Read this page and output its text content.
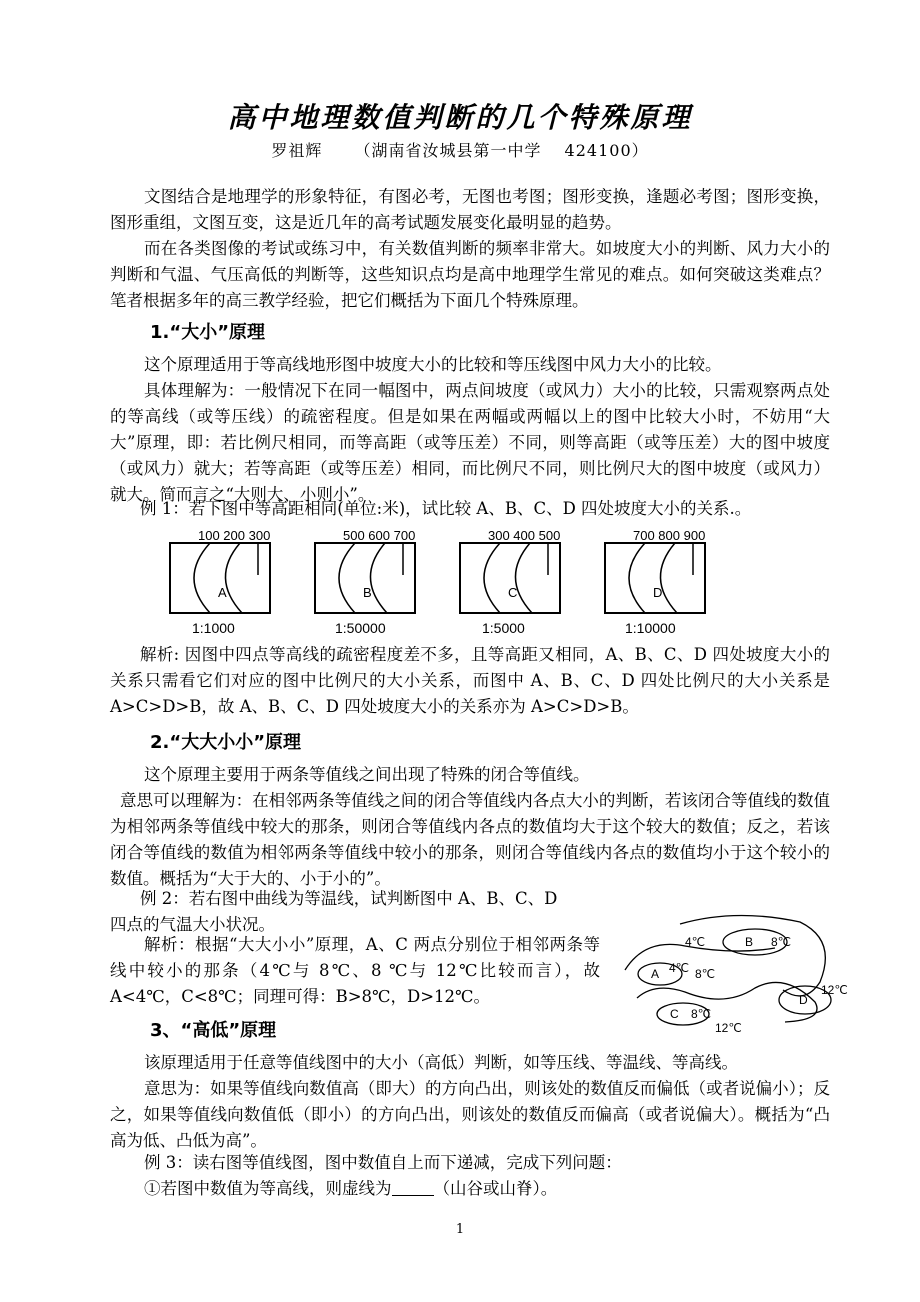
高中地理数值判断的几个特殊原理
罗祖辉 （湖南省汝城县第一中学　 424100）

文图结合是地理学的形象特征，有图必考，无图也考图；图形变换，逢题必考图；图形变换，图形重组，文图互变，这是近几年的高考试题发展变化最明显的趋势。

而在各类图像的考试或练习中，有关数值判断的频率非常大。如坡度大小的判断、风力大小的判断和气温、气压高低的判断等，这些知识点均是高中地理学生常见的难点。如何突破这类难点？笔者根据多年的高三教学经验，把它们概括为下面几个特殊原理。

1.“大小”原理

这个原理适用于等高线地形图中坡度大小的比较和等压线图中风力大小的比较。

具体理解为：一般情况下在同一幅图中，两点间坡度（或风力）大小的比较，只需观察两点处的等高线（或等压线）的疏密程度。但是如果在两幅或两幅以上的图中比较大小时，不妨用“大大”原理，即：若比例尺相同，而等高距（或等压差）不同，则等高距（或等压差）大的图中坡度（或风力）就大；若等高距（或等压差）相同，而比例尺不同，则比例尺大的图中坡度（或风力）就大。简而言之“大则大、小则小”。

例 1：若下图中等高距相同(单位:米)，试比较 A、B、C、D 四处坡度大小的关系.。

100 200 300
A
1:1000
500 600 700
B
1:50000
300 400 500
C
1:5000
700 800 900
D
1:10000

解析: 因图中四点等高线的疏密程度差不多，且等高距又相同，A、B、C、D 四处坡度大小的关系只需看它们对应的图中比例尺的大小关系，而图中 A、B、C、D 四处比例尺的大小关系是 A>C>D>B，故 A、B、C、D 四处坡度大小的关系亦为 A>C>D>B。

2.“大大小小”原理

这个原理主要用于两条等值线之间出现了特殊的闭合等值线。

意思可以理解为：在相邻两条等值线之间的闭合等值线内各点大小的判断，若该闭合等值线的数值为相邻两条等值线中较大的那条，则闭合等值线内各点的数值均大于这个较大的数值；反之，若该闭合等值线的数值为相邻两条等值线中较小的那条，则闭合等值线内各点的数值均小于这个较小的数值。概括为“大于大的、小于小的”。

例 2：若右图中曲线为等温线，试判断图中 A、B、C、D
四点的气温大小状况。

解析：根据“大大小小”原理，A、C 两点分别位于相邻两条等线中较小的那条（4℃与 8℃、8 ℃与 12℃比较而言），故 A<4℃，C<8℃；同理可得：B>8℃，D>12℃。

4℃	B 8℃
A 4℃ 8℃
D
12℃
C 8℃
12℃
3、“高低”原理

该原理适用于任意等值线图中的大小（高低）判断，如等压线、等温线、等高线。

意思为：如果等值线向数值高（即大）的方向凸出，则该处的数值反而偏低（或者说偏小）；反之，如果等值线向数值低（即小）的方向凸出，则该处的数值反而偏高（或者说偏大）。概括为“凸高为低、凸低为高”。

例 3：读右图等值线图，图中数值自上而下递减，完成下列问题：

①若图中数值为等高线，则虚线为	（山谷或山脊）。

1
